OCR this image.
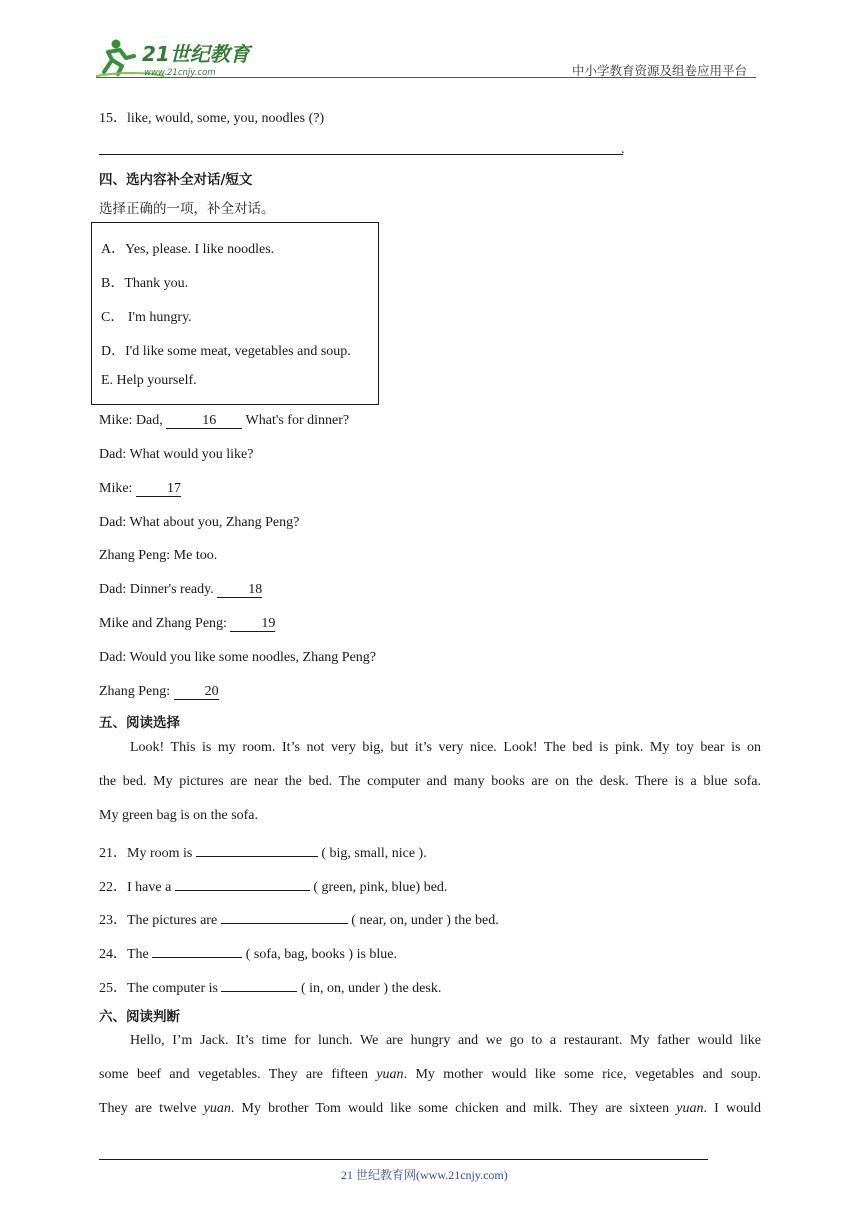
21世纪教育
www.21cnjy.com	中小学教育资源及组卷应用平台
15．like, would, some, you, noodles (?)
.
四、选内容补全对话/短文
选择正确的一项，补全对话。
A．Yes, please. I like noodles.
B．Thank you.
C． I'm hungry.
D．I'd like some meat, vegetables and soup.
E. Help yourself.
Mike: Dad,	16 What's for dinner?
Dad: What would you like?
Mike: 17
Dad: What about you, Zhang Peng?
Zhang Peng: Me too.
Dad: Dinner's ready. 18
Mike and Zhang Peng: 19
Dad: Would you like some noodles, Zhang Peng?
Zhang Peng: 20
五、阅读选择
Look! This is my room. It’s not very big, but it’s very nice. Look! The bed is pink. My toy bear is on
the bed. My pictures are near the bed. The computer and many books are on the desk. There is a blue sofa.
My green bag is on the sofa.
21．My room is	( big, small, nice ).
22．I have a	( green, pink, blue) bed.
23．The pictures are	( near, on, under ) the bed.
24．The	( sofa, bag, books ) is blue.
25．The computer is	( in, on, under ) the desk.
六、阅读判断
Hello, I’m Jack. It’s time for lunch. We are hungry and we go to a restaurant. My father would like
some beef and vegetables. They are fifteen yuan. My mother would like some rice, vegetables and soup.
They are twelve yuan. My brother Tom would like some chicken and milk. They are sixteen yuan. I would
21 世纪教育网(www.21cnjy.com)
